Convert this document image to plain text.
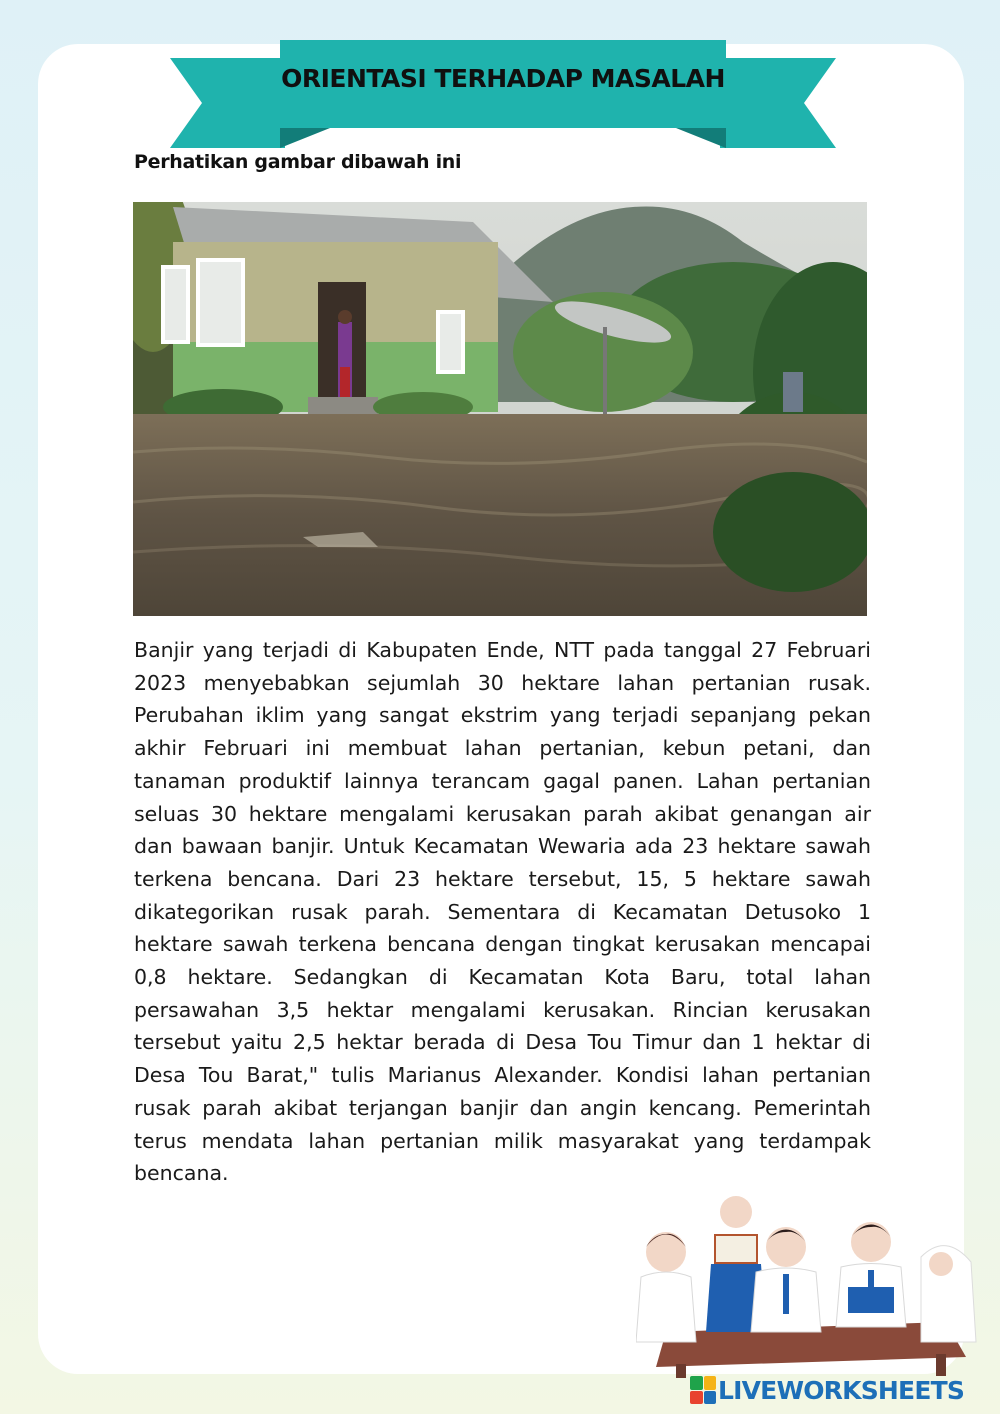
ORIENTASI TERHADAP MASALAH
Perhatikan gambar dibawah ini

Banjir yang terjadi di Kabupaten Ende, NTT pada tanggal 27 Februari 2023 menyebabkan sejumlah 30 hektare lahan pertanian rusak. Perubahan iklim yang sangat ekstrim yang terjadi sepanjang pekan akhir Februari ini membuat lahan pertanian, kebun petani, dan tanaman produktif lainnya terancam gagal panen. Lahan pertanian seluas 30 hektare mengalami kerusakan parah akibat genangan air dan bawaan banjir. Untuk Kecamatan Wewaria ada 23 hektare sawah terkena bencana. Dari 23 hektare tersebut, 15, 5 hektare sawah dikategorikan rusak parah. Sementara di Kecamatan Detusoko 1 hektare sawah terkena bencana dengan tingkat kerusakan mencapai 0,8 hektare. Sedangkan di Kecamatan Kota Baru, total lahan persawahan 3,5 hektar mengalami kerusakan. Rincian kerusakan tersebut yaitu 2,5 hektar berada di Desa Tou Timur dan 1 hektar di Desa Tou Barat," tulis Marianus Alexander. Kondisi lahan pertanian rusak parah akibat terjangan banjir dan angin kencang. Pemerintah terus mendata lahan pertanian milik masyarakat yang terdampak bencana.

LIVEWORKSHEETS
